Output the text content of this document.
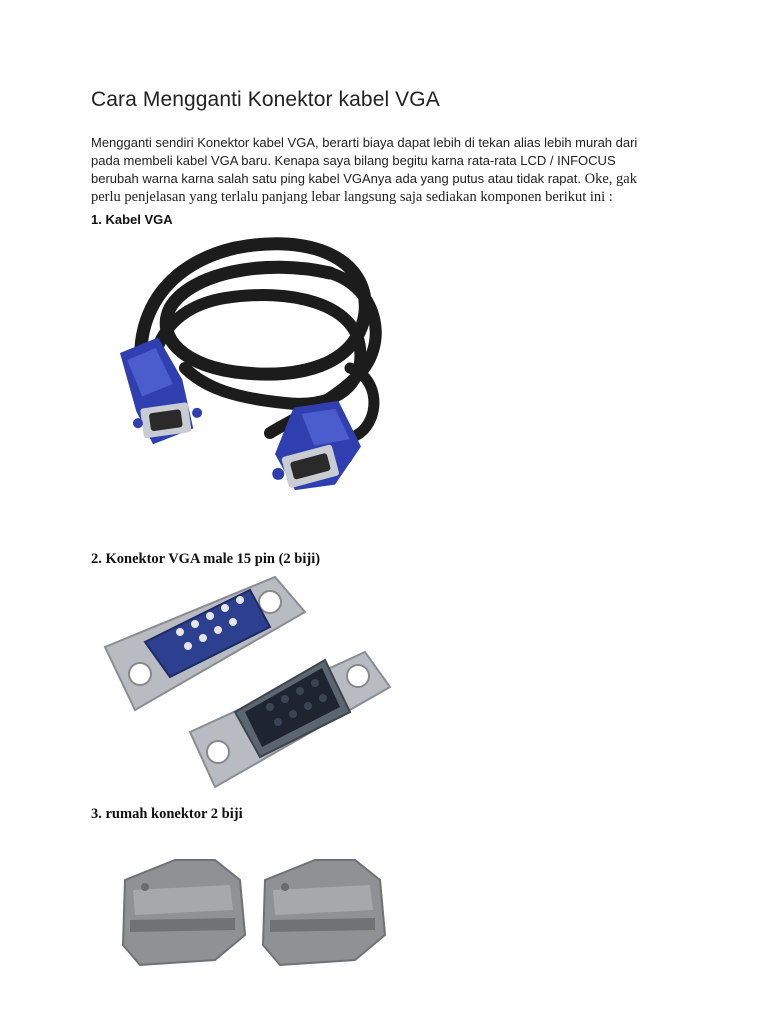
Cara Mengganti Konektor kabel VGA
Mengganti sendiri Konektor kabel VGA, berarti biaya dapat lebih di tekan alias lebih murah dari
pada membeli kabel VGA baru. Kenapa saya bilang begitu karna rata-rata LCD / INFOCUS
berubah warna karna salah satu ping kabel VGAnya ada yang putus atau tidak rapat. Oke, gak
perlu penjelasan yang terlalu panjang lebar langsung saja sediakan komponen berikut ini :
1. Kabel VGA
2. Konektor VGA male 15 pin (2 biji)
3. rumah konektor 2 biji
